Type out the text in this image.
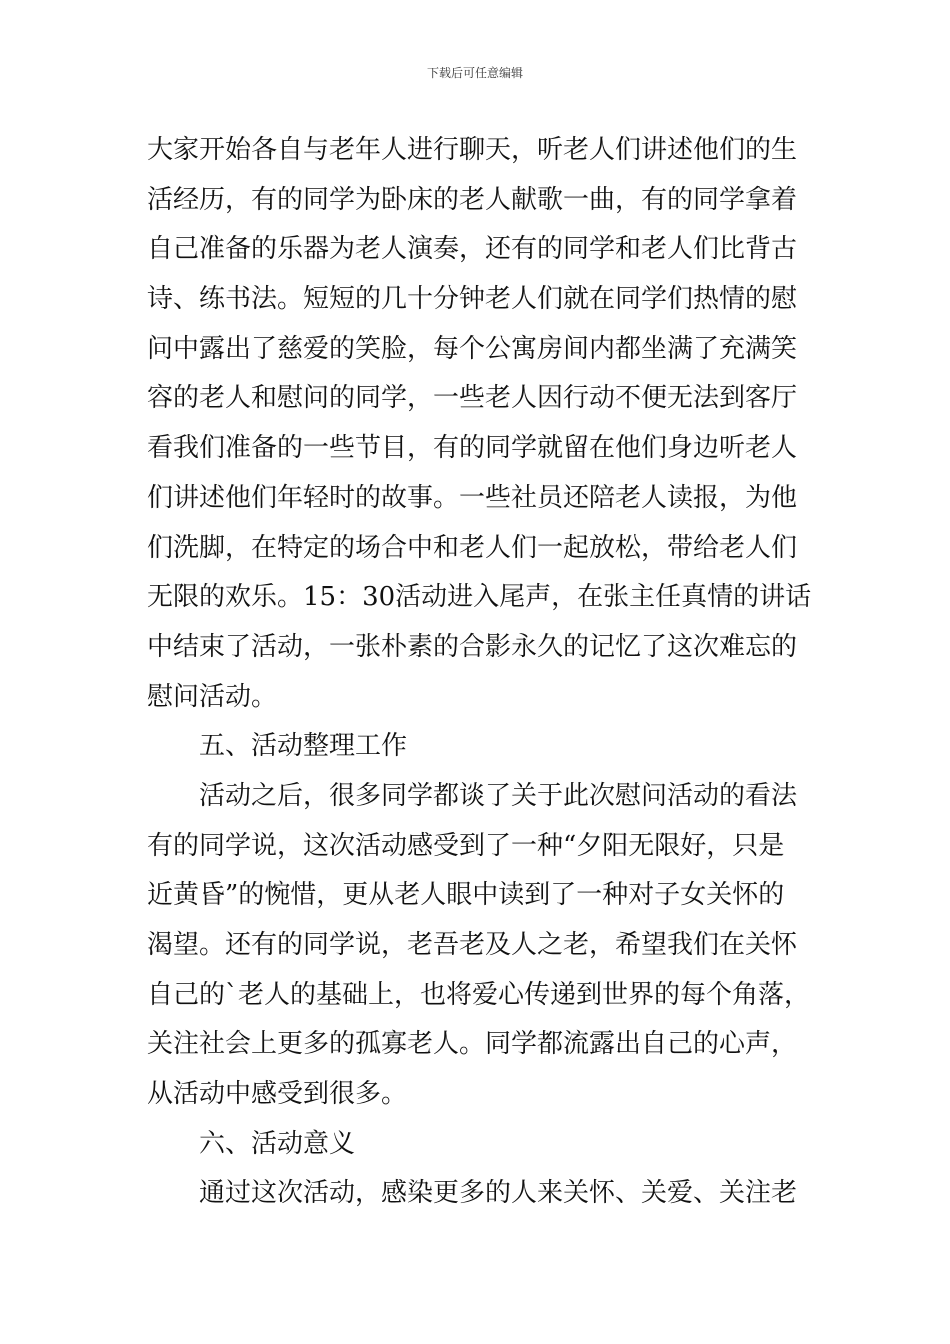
下载后可任意编辑
大家开始各自与老年人进行聊天，听老人们讲述他们的生
活经历，有的同学为卧床的老人献歌一曲，有的同学拿着
自己准备的乐器为老人演奏，还有的同学和老人们比背古
诗、练书法。短短的几十分钟老人们就在同学们热情的慰
问中露出了慈爱的笑脸，每个公寓房间内都坐满了充满笑
容的老人和慰问的同学，一些老人因行动不便无法到客厅
看我们准备的一些节目，有的同学就留在他们身边听老人
们讲述他们年轻时的故事。一些社员还陪老人读报，为他
们洗脚，在特定的场合中和老人们一起放松，带给老人们
无限的欢乐。15：30活动进入尾声，在张主任真情的讲话
中结束了活动，一张朴素的合影永久的记忆了这次难忘的
慰问活动。
五、活动整理工作
活动之后，很多同学都谈了关于此次慰问活动的看法
有的同学说，这次活动感受到了一种“夕阳无限好，只是
近黄昏”的惋惜，更从老人眼中读到了一种对子女关怀的
渴望。还有的同学说，老吾老及人之老，希望我们在关怀
自己的`老人的基础上，也将爱心传递到世界的每个角落，
关注社会上更多的孤寡老人。同学都流露出自己的心声，
从活动中感受到很多。
六、活动意义
通过这次活动，感染更多的人来关怀、关爱、关注老
